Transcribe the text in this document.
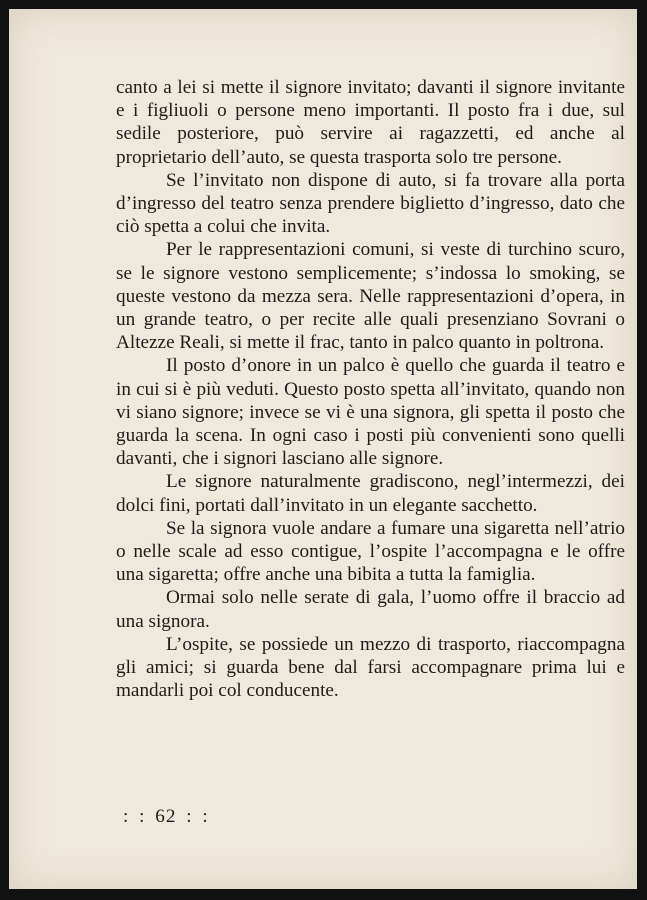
canto a lei si mette il signore invitato; davanti il signore invitante e i figliuoli o persone meno importanti. Il posto fra i due, sul sedile posteriore, può servire ai ragazzetti, ed anche al proprietario dell’auto, se questa trasporta solo tre persone.

Se l’invitato non dispone di auto, si fa trovare alla porta d’ingresso del teatro senza prendere biglietto d’ingresso, dato che ciò spetta a colui che invita.

Per le rappresentazioni comuni, si veste di turchino scuro, se le signore vestono semplicemente; s’indossa lo smoking, se queste vestono da mezza sera. Nelle rappresentazioni d’opera, in un grande teatro, o per recite alle quali presenziano Sovrani o Altezze Reali, si mette il frac, tanto in palco quanto in poltrona.

Il posto d’onore in un palco è quello che guarda il teatro e in cui si è più veduti. Questo posto spetta all’invitato, quando non vi siano signore; invece se vi è una signora, gli spetta il posto che guarda la scena. In ogni caso i posti più convenienti sono quelli davanti, che i signori lasciano alle signore.

Le signore naturalmente gradiscono, negl’intermezzi, dei dolci fini, portati dall’invitato in un elegante sacchetto.

Se la signora vuole andare a fumare una sigaretta nell’atrio o nelle scale ad esso contigue, l’ospite l’accompagna e le offre una sigaretta; offre anche una bibita a tutta la famiglia.

Ormai solo nelle serate di gala, l’uomo offre il braccio ad una signora.

L’ospite, se possiede un mezzo di trasporto, riaccompagna gli amici; si guarda bene dal farsi accompagnare prima lui e mandarli poi col conducente.

: : 62 : :
